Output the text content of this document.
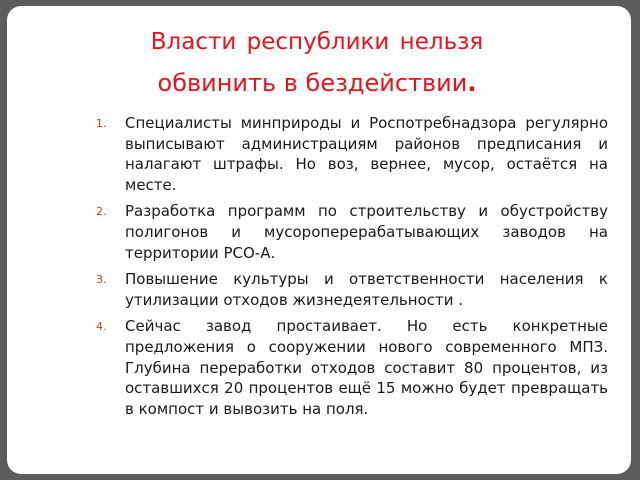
Власти республики нельзя
обвинить в бездействии.
1. Специалисты минприроды и Роспотребнадзора регулярно выписывают администрациям районов предписания и налагают штрафы. Но воз, вернее, мусор, остаётся на месте.
2. Разработка программ по строительству и обустройству полигонов и мусороперерабатывающих заводов на территории РСО-А.
3. Повышение культуры и ответственности населения к утилизации отходов жизнедеятельности .
4. Сейчас завод простаивает. Но есть конкретные предложения о сооружении нового современного МПЗ. Глубина переработки отходов составит 80 процентов, из оставшихся 20 процентов ещё 15 можно будет превращать в компост и вывозить на поля.
